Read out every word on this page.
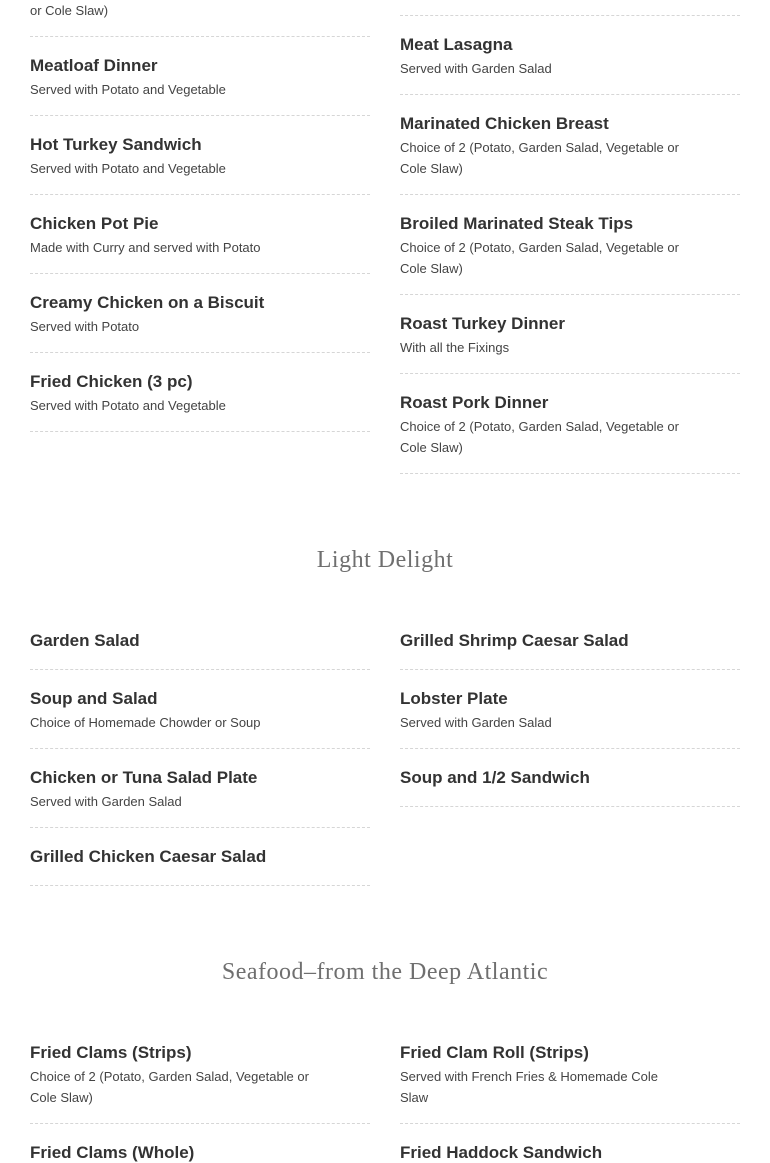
or Cole Slaw)
Meatloaf Dinner
Served with Potato and Vegetable
Hot Turkey Sandwich
Served with Potato and Vegetable
Chicken Pot Pie
Made with Curry and served with Potato
Creamy Chicken on a Biscuit
Served with Potato
Fried Chicken (3 pc)
Served with Potato and Vegetable
Meat Lasagna
Served with Garden Salad
Marinated Chicken Breast
Choice of 2 (Potato, Garden Salad, Vegetable or Cole Slaw)
Broiled Marinated Steak Tips
Choice of 2 (Potato, Garden Salad, Vegetable or Cole Slaw)
Roast Turkey Dinner
With all the Fixings
Roast Pork Dinner
Choice of 2 (Potato, Garden Salad, Vegetable or Cole Slaw)
Light Delight
Garden Salad
Soup and Salad
Choice of Homemade Chowder or Soup
Chicken or Tuna Salad Plate
Served with Garden Salad
Grilled Chicken Caesar Salad
Grilled Shrimp Caesar Salad
Lobster Plate
Served with Garden Salad
Soup and 1/2 Sandwich
Seafood–from the Deep Atlantic
Fried Clams (Strips)
Choice of 2 (Potato, Garden Salad, Vegetable or Cole Slaw)
Fried Clams (Whole)
Fried Clam Roll (Strips)
Served with French Fries & Homemade Cole Slaw
Fried Haddock Sandwich
